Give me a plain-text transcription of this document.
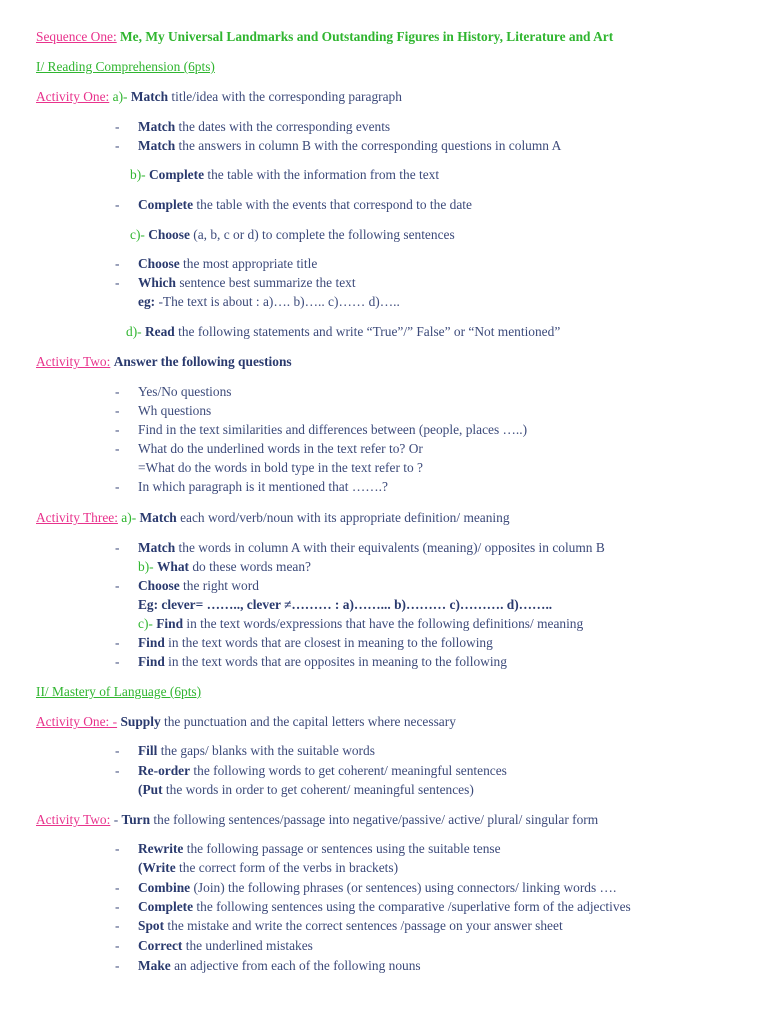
Sequence One: Me, My Universal Landmarks and Outstanding Figures in History, Literature and Art
I/ Reading Comprehension (6pts)
Activity One: a)- Match title/idea with the corresponding paragraph
- Match the dates with the corresponding events
- Match the answers in column B with the corresponding questions in column A
b)- Complete the table with the information from the text
- Complete the table with the events that correspond to the date
c)- Choose (a, b, c or d) to complete the following sentences
- Choose the most appropriate title
- Which sentence best summarize the text
eg: -The text is about : a)…. b)….. c)…… d)…..
d)- Read the following statements and write “True”/” False” or “Not mentioned”
Activity Two: Answer the following questions
- Yes/No questions
- Wh questions
- Find in the text similarities and differences between (people, places …..)
- What do the underlined words in the text refer to? Or
=What do the words in bold type in the text refer to ?
- In which paragraph is it mentioned that …….?
Activity Three: a)- Match each word/verb/noun with its appropriate definition/ meaning
- Match the words in column A with their equivalents (meaning)/ opposites in column B
b)- What do these words mean?
- Choose the right word
Eg: clever= …….., clever ≠……… : a)……... b)……… c)………. d)……..
c)- Find in the text words/expressions that have the following definitions/ meaning
- Find in the text words that are closest in meaning to the following
- Find in the text words that are opposites in meaning to the following
II/ Mastery of Language (6pts)
Activity One: - Supply the punctuation and the capital letters where necessary
- Fill the gaps/ blanks with the suitable words
- Re-order the following words to get coherent/ meaningful sentences
(Put the words in order to get coherent/ meaningful sentences)
Activity Two: - Turn the following sentences/passage into negative/passive/ active/ plural/ singular form
- Rewrite the following passage or sentences using the suitable tense
(Write the correct form of the verbs in brackets)
- Combine (Join) the following phrases (or sentences) using connectors/ linking words ….
- Complete the following sentences using the comparative /superlative form of the adjectives
- Spot the mistake and write the correct sentences /passage on your answer sheet
- Correct the underlined mistakes
- Make an adjective from each of the following nouns
